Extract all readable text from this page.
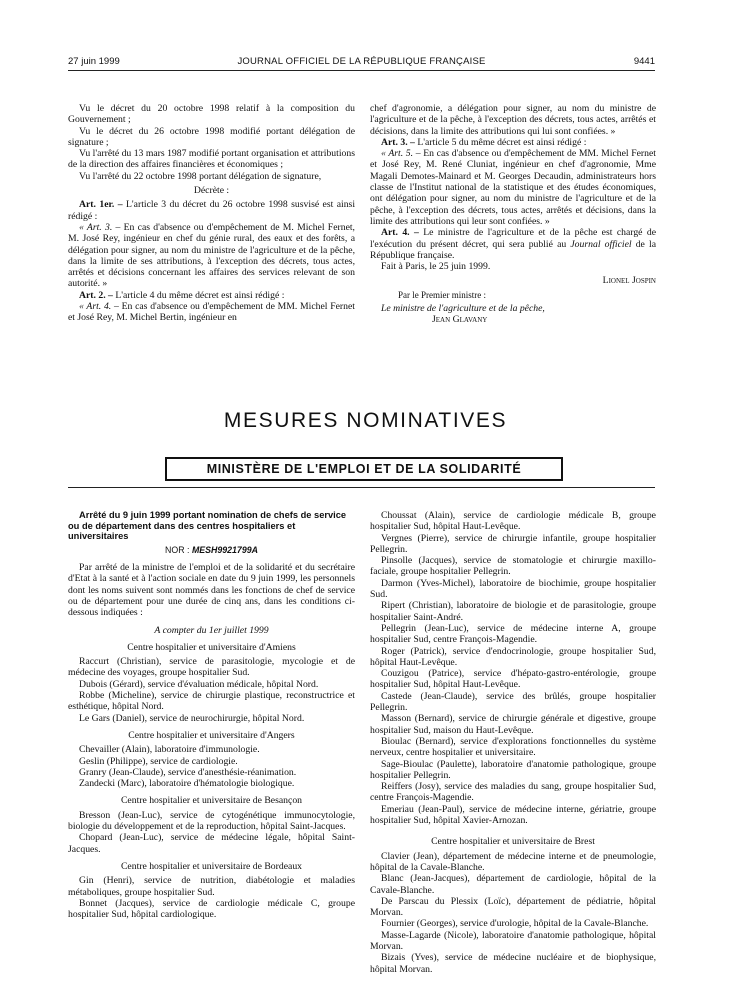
27 juin 1999	JOURNAL OFFICIEL DE LA RÉPUBLIQUE FRANÇAISE	9441

Vu le décret du 20 octobre 1998 relatif à la composition du Gouvernement ;

Vu le décret du 26 octobre 1998 modifié portant délégation de signature ;

Vu l'arrêté du 13 mars 1987 modifié portant organisation et attributions de la direction des affaires financières et économiques ;

Vu l'arrêté du 22 octobre 1998 portant délégation de signature,

Décrète :

Art. 1er. – L'article 3 du décret du 26 octobre 1998 susvisé est ainsi rédigé :

« Art. 3. – En cas d'absence ou d'empêchement de M. Michel Fernet, M. José Rey, ingénieur en chef du génie rural, des eaux et des forêts, a délégation pour signer, au nom du ministre de l'agriculture et de la pêche, dans la limite de ses attributions, à l'exception des décrets, tous actes, arrêtés et décisions concernant les affaires des services relevant de son autorité. »

Art. 2. – L'article 4 du même décret est ainsi rédigé :

« Art. 4. – En cas d'absence ou d'empêchement de MM. Michel Fernet et José Rey, M. Michel Bertin, ingénieur en

chef d'agronomie, a délégation pour signer, au nom du ministre de l'agriculture et de la pêche, à l'exception des décrets, tous actes, arrêtés et décisions, dans la limite des attributions qui lui sont confiées. »

Art. 3. – L'article 5 du même décret est ainsi rédigé :

« Art. 5. – En cas d'absence ou d'empêchement de MM. Michel Fernet et José Rey, M. René Cluniat, ingénieur en chef d'agronomie, Mme Magali Demotes-Mainard et M. Georges Decaudin, administrateurs hors classe de l'Institut national de la statistique et des études économiques, ont délégation pour signer, au nom du ministre de l'agriculture et de la pêche, à l'exception des décrets, tous actes, arrêtés et décisions, dans la limite des attributions qui leur sont confiées. »

Art. 4. – Le ministre de l'agriculture et de la pêche est chargé de l'exécution du présent décret, qui sera publié au Journal officiel de la République française.

Fait à Paris, le 25 juin 1999.

Lionel Jospin

Par le Premier ministre :

Le ministre de l'agriculture et de la pêche,

Jean Glavany

MESURES NOMINATIVES
MINISTÈRE DE L'EMPLOI ET DE LA SOLIDARITÉ

Arrêté du 9 juin 1999 portant nomination de chefs de service ou de département dans des centres hospitaliers et universitaires

NOR : MESH9921799A

Par arrêté de la ministre de l'emploi et de la solidarité et du secrétaire d'Etat à la santé et à l'action sociale en date du 9 juin 1999, les personnels dont les noms suivent sont nommés dans les fonctions de chef de service ou de département pour une durée de cinq ans, dans les conditions ci-dessous indiquées :

A compter du 1er juillet 1999

Centre hospitalier et universitaire d'Amiens

Raccurt (Christian), service de parasitologie, mycologie et de médecine des voyages, groupe hospitalier Sud.

Dubois (Gérard), service d'évaluation médicale, hôpital Nord.

Robbe (Micheline), service de chirurgie plastique, reconstructrice et esthétique, hôpital Nord.

Le Gars (Daniel), service de neurochirurgie, hôpital Nord.

Centre hospitalier et universitaire d'Angers

Chevailler (Alain), laboratoire d'immunologie.

Geslin (Philippe), service de cardiologie.

Granry (Jean-Claude), service d'anesthésie-réanimation.

Zandecki (Marc), laboratoire d'hématologie biologique.

Centre hospitalier et universitaire de Besançon

Bresson (Jean-Luc), service de cytogénétique immunocytologie, biologie du développement et de la reproduction, hôpital Saint-Jacques.

Chopard (Jean-Luc), service de médecine légale, hôpital Saint-Jacques.

Centre hospitalier et universitaire de Bordeaux

Gin (Henri), service de nutrition, diabétologie et maladies métaboliques, groupe hospitalier Sud.

Bonnet (Jacques), service de cardiologie médicale C, groupe hospitalier Sud, hôpital cardiologique.

Choussat (Alain), service de cardiologie médicale B, groupe hospitalier Sud, hôpital Haut-Levêque.

Vergnes (Pierre), service de chirurgie infantile, groupe hospitalier Pellegrin.

Pinsolle (Jacques), service de stomatologie et chirurgie maxillo-faciale, groupe hospitalier Pellegrin.

Darmon (Yves-Michel), laboratoire de biochimie, groupe hospitalier Sud.

Ripert (Christian), laboratoire de biologie et de parasitologie, groupe hospitalier Saint-André.

Pellegrin (Jean-Luc), service de médecine interne A, groupe hospitalier Sud, centre François-Magendie.

Roger (Patrick), service d'endocrinologie, groupe hospitalier Sud, hôpital Haut-Levêque.

Couzigou (Patrice), service d'hépato-gastro-entérologie, groupe hospitalier Sud, hôpital Haut-Levêque.

Castede (Jean-Claude), service des brûlés, groupe hospitalier Pellegrin.

Masson (Bernard), service de chirurgie générale et digestive, groupe hospitalier Sud, maison du Haut-Levêque.

Bioulac (Bernard), service d'explorations fonctionnelles du système nerveux, centre hospitalier et universitaire.

Sage-Bioulac (Paulette), laboratoire d'anatomie pathologique, groupe hospitalier Pellegrin.

Reiffers (Josy), service des maladies du sang, groupe hospitalier Sud, centre François-Magendie.

Emeriau (Jean-Paul), service de médecine interne, gériatrie, groupe hospitalier Sud, hôpital Xavier-Arnozan.

Centre hospitalier et universitaire de Brest

Clavier (Jean), département de médecine interne et de pneumologie, hôpital de la Cavale-Blanche.

Blanc (Jean-Jacques), département de cardiologie, hôpital de la Cavale-Blanche.

De Parscau du Plessix (Loïc), département de pédiatrie, hôpital Morvan.

Fournier (Georges), service d'urologie, hôpital de la Cavale-Blanche.

Masse-Lagarde (Nicole), laboratoire d'anatomie pathologique, hôpital Morvan.

Bizais (Yves), service de médecine nucléaire et de biophysique, hôpital Morvan.
